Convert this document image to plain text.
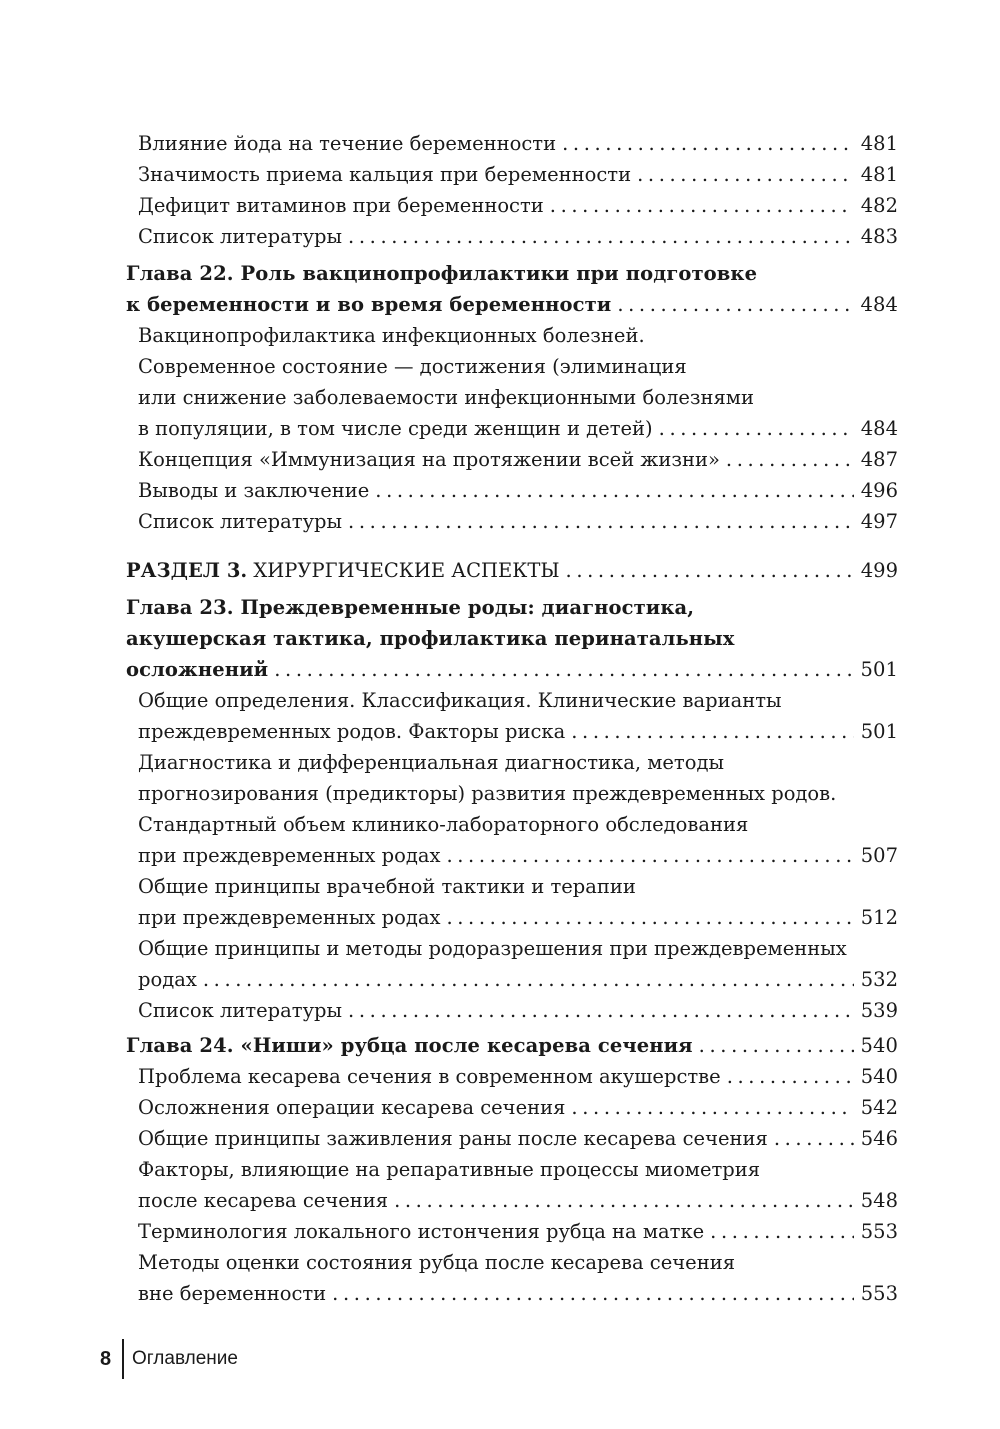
Влияние йода на течение беременности .....	481
Значимость приема кальция при беременности .....	481
Дефицит витаминов при беременности .....	482
Список литературы .....	483
Глава 22. Роль вакцинопрофилактики при подготовке
к беременности и во время беременности .....	484
Вакцинопрофилактика инфекционных болезней.
Современное состояние — достижения (элиминация
или снижение заболеваемости инфекционными болезнями
в популяции, в том числе среди женщин и детей) .....	484
Концепция «Иммунизация на протяжении всей жизни» .....	487
Выводы и заключение .....	496
Список литературы .....	497
РАЗДЕЛ 3. ХИРУРГИЧЕСКИЕ АСПЕКТЫ .....	499
Глава 23. Преждевременные роды: диагностика,
акушерская тактика, профилактика перинатальных
осложнений .....	501
Общие определения. Классификация. Клинические варианты
преждевременных родов. Факторы риска .....	501
Диагностика и дифференциальная диагностика, методы
прогнозирования (предикторы) развития преждевременных родов.
Стандартный объем клинико-лабораторного обследования
при преждевременных родах .....	507
Общие принципы врачебной тактики и терапии
при преждевременных родах .....	512
Общие принципы и методы родоразрешения при преждевременных
родах .....	532
Список литературы .....	539
Глава 24. «Ниши» рубца после кесарева сечения .....	540
Проблема кесарева сечения в современном акушерстве .....	540
Осложнения операции кесарева сечения .....	542
Общие принципы заживления раны после кесарева сечения .....	546
Факторы, влияющие на репаративные процессы миометрия
после кесарева сечения .....	548
Терминология локального истончения рубца на матке .....	553
Методы оценки состояния рубца после кесарева сечения
вне беременности .....	553
8 Оглавление
